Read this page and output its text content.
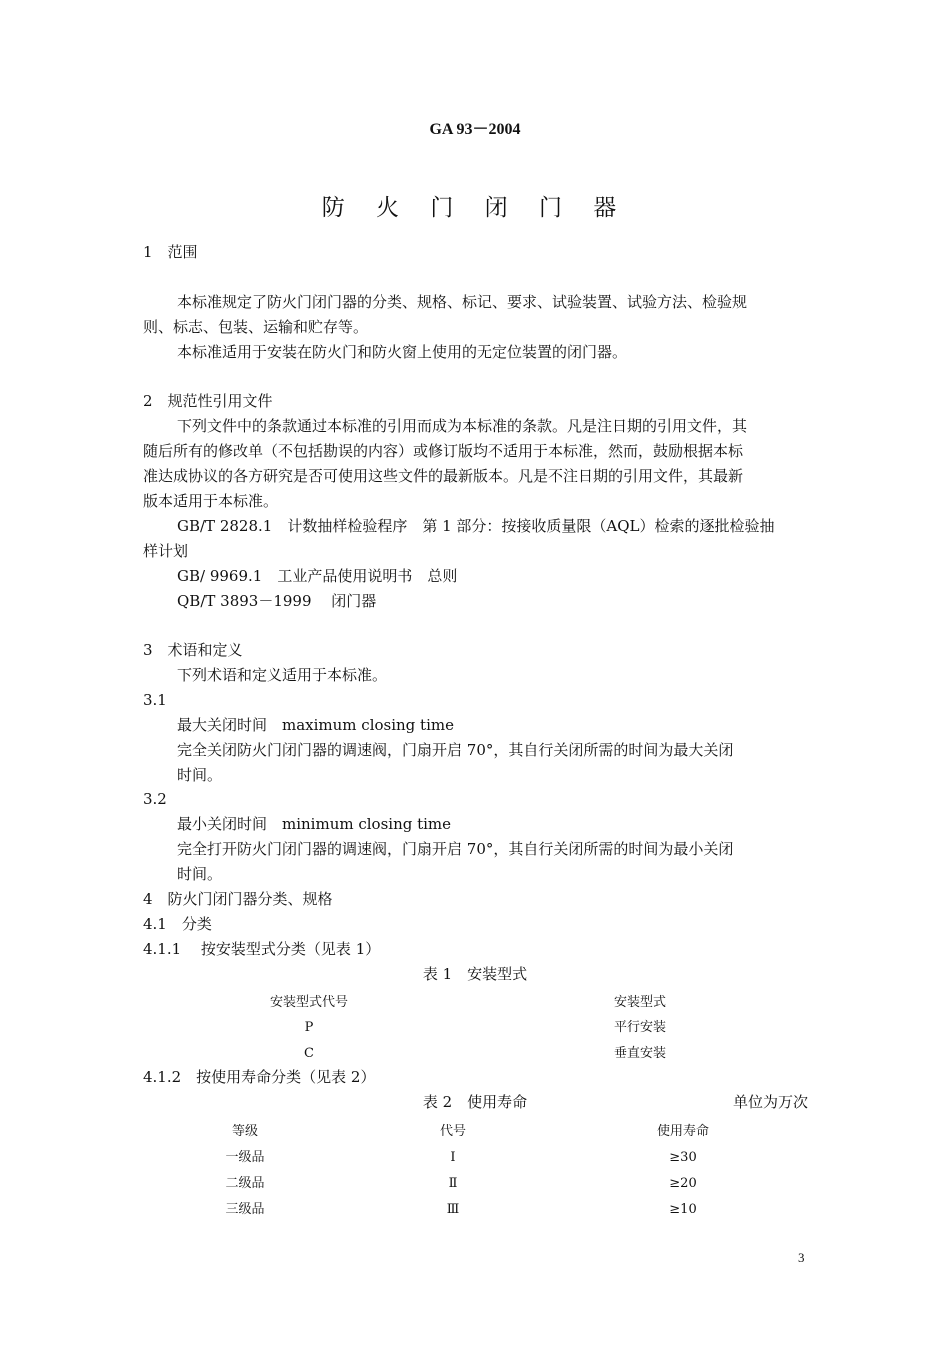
GA 93－2004
防 火 门 闭 门 器
1　范围
本标准规定了防火门闭门器的分类、规格、标记、要求、试验装置、试验方法、检验规
则、标志、包装、运输和贮存等。
本标准适用于安装在防火门和防火窗上使用的无定位装置的闭门器。
2　规范性引用文件
下列文件中的条款通过本标准的引用而成为本标准的条款。凡是注日期的引用文件，其
随后所有的修改单（不包括勘误的内容）或修订版均不适用于本标准，然而，鼓励根据本标
准达成协议的各方研究是否可使用这些文件的最新版本。凡是不注日期的引用文件，其最新
版本适用于本标准。
GB/T 2828.1　计数抽样检验程序　第 1 部分：按接收质量限（AQL）检索的逐批检验抽
样计划
GB/ 9969.1　工业产品使用说明书　总则
QB/T 3893－1999　 闭门器
3　术语和定义
下列术语和定义适用于本标准。
3.1
最大关闭时间　maximum closing time
完全关闭防火门闭门器的调速阀，门扇开启 70°，其自行关闭所需的时间为最大关闭
时间。
3.2
最小关闭时间　minimum closing time
完全打开防火门闭门器的调速阀，门扇开启 70°，其自行关闭所需的时间为最小关闭
时间。
4　防火门闭门器分类、规格
4.1　分类
4.1.1　 按安装型式分类（见表 1）
表 1　安装型式
安装型式代号	安装型式
P	平行安装
C	垂直安装
4.1.2　按使用寿命分类（见表 2）
表 2　使用寿命	单位为万次
等级	代号	使用寿命
一级品	Ⅰ	≥30
二级品	Ⅱ	≥20
三级品	Ⅲ	≥10
3
